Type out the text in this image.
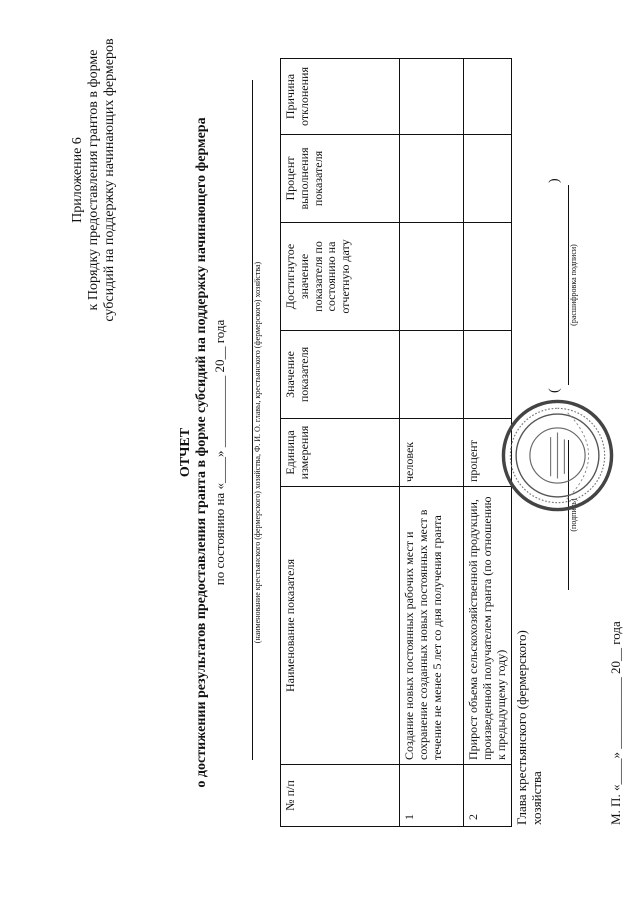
Приложение 6 к Порядку предоставления грантов в форме субсидий на поддержку начинающих фермеров
ОТЧЕТ о достижении результатов предоставления гранта в форме субсидий на поддержку начинающего фермера по состоянию на «____» ___________ 20__ года	(наименование крестьянского (фермерского) хозяйства, Ф. И. О. главы, крестьянского (фермерского) хозяйства)
№ п/п	Наименование показателя	Единица измерения	Значение показателя	Достигнутое значение показателя по состоянию на отчетную дату	Процент выполнения показателя	Причина отклонения
1	Создание новых постоянных рабочих мест и сохранение созданных новых постоянных мест в течение не менее 5 лет со дня получения гранта	человек				
2	Прирост объема сельскохозяйственной продукции, произведенной получателем гранта (по отношению к предыдущему году)	процент				
Глава крестьянского (фермерского) хозяйства
(подпись)
(
)
(расшифровка подписи)
М. П. «____» ___________ 20__ года
